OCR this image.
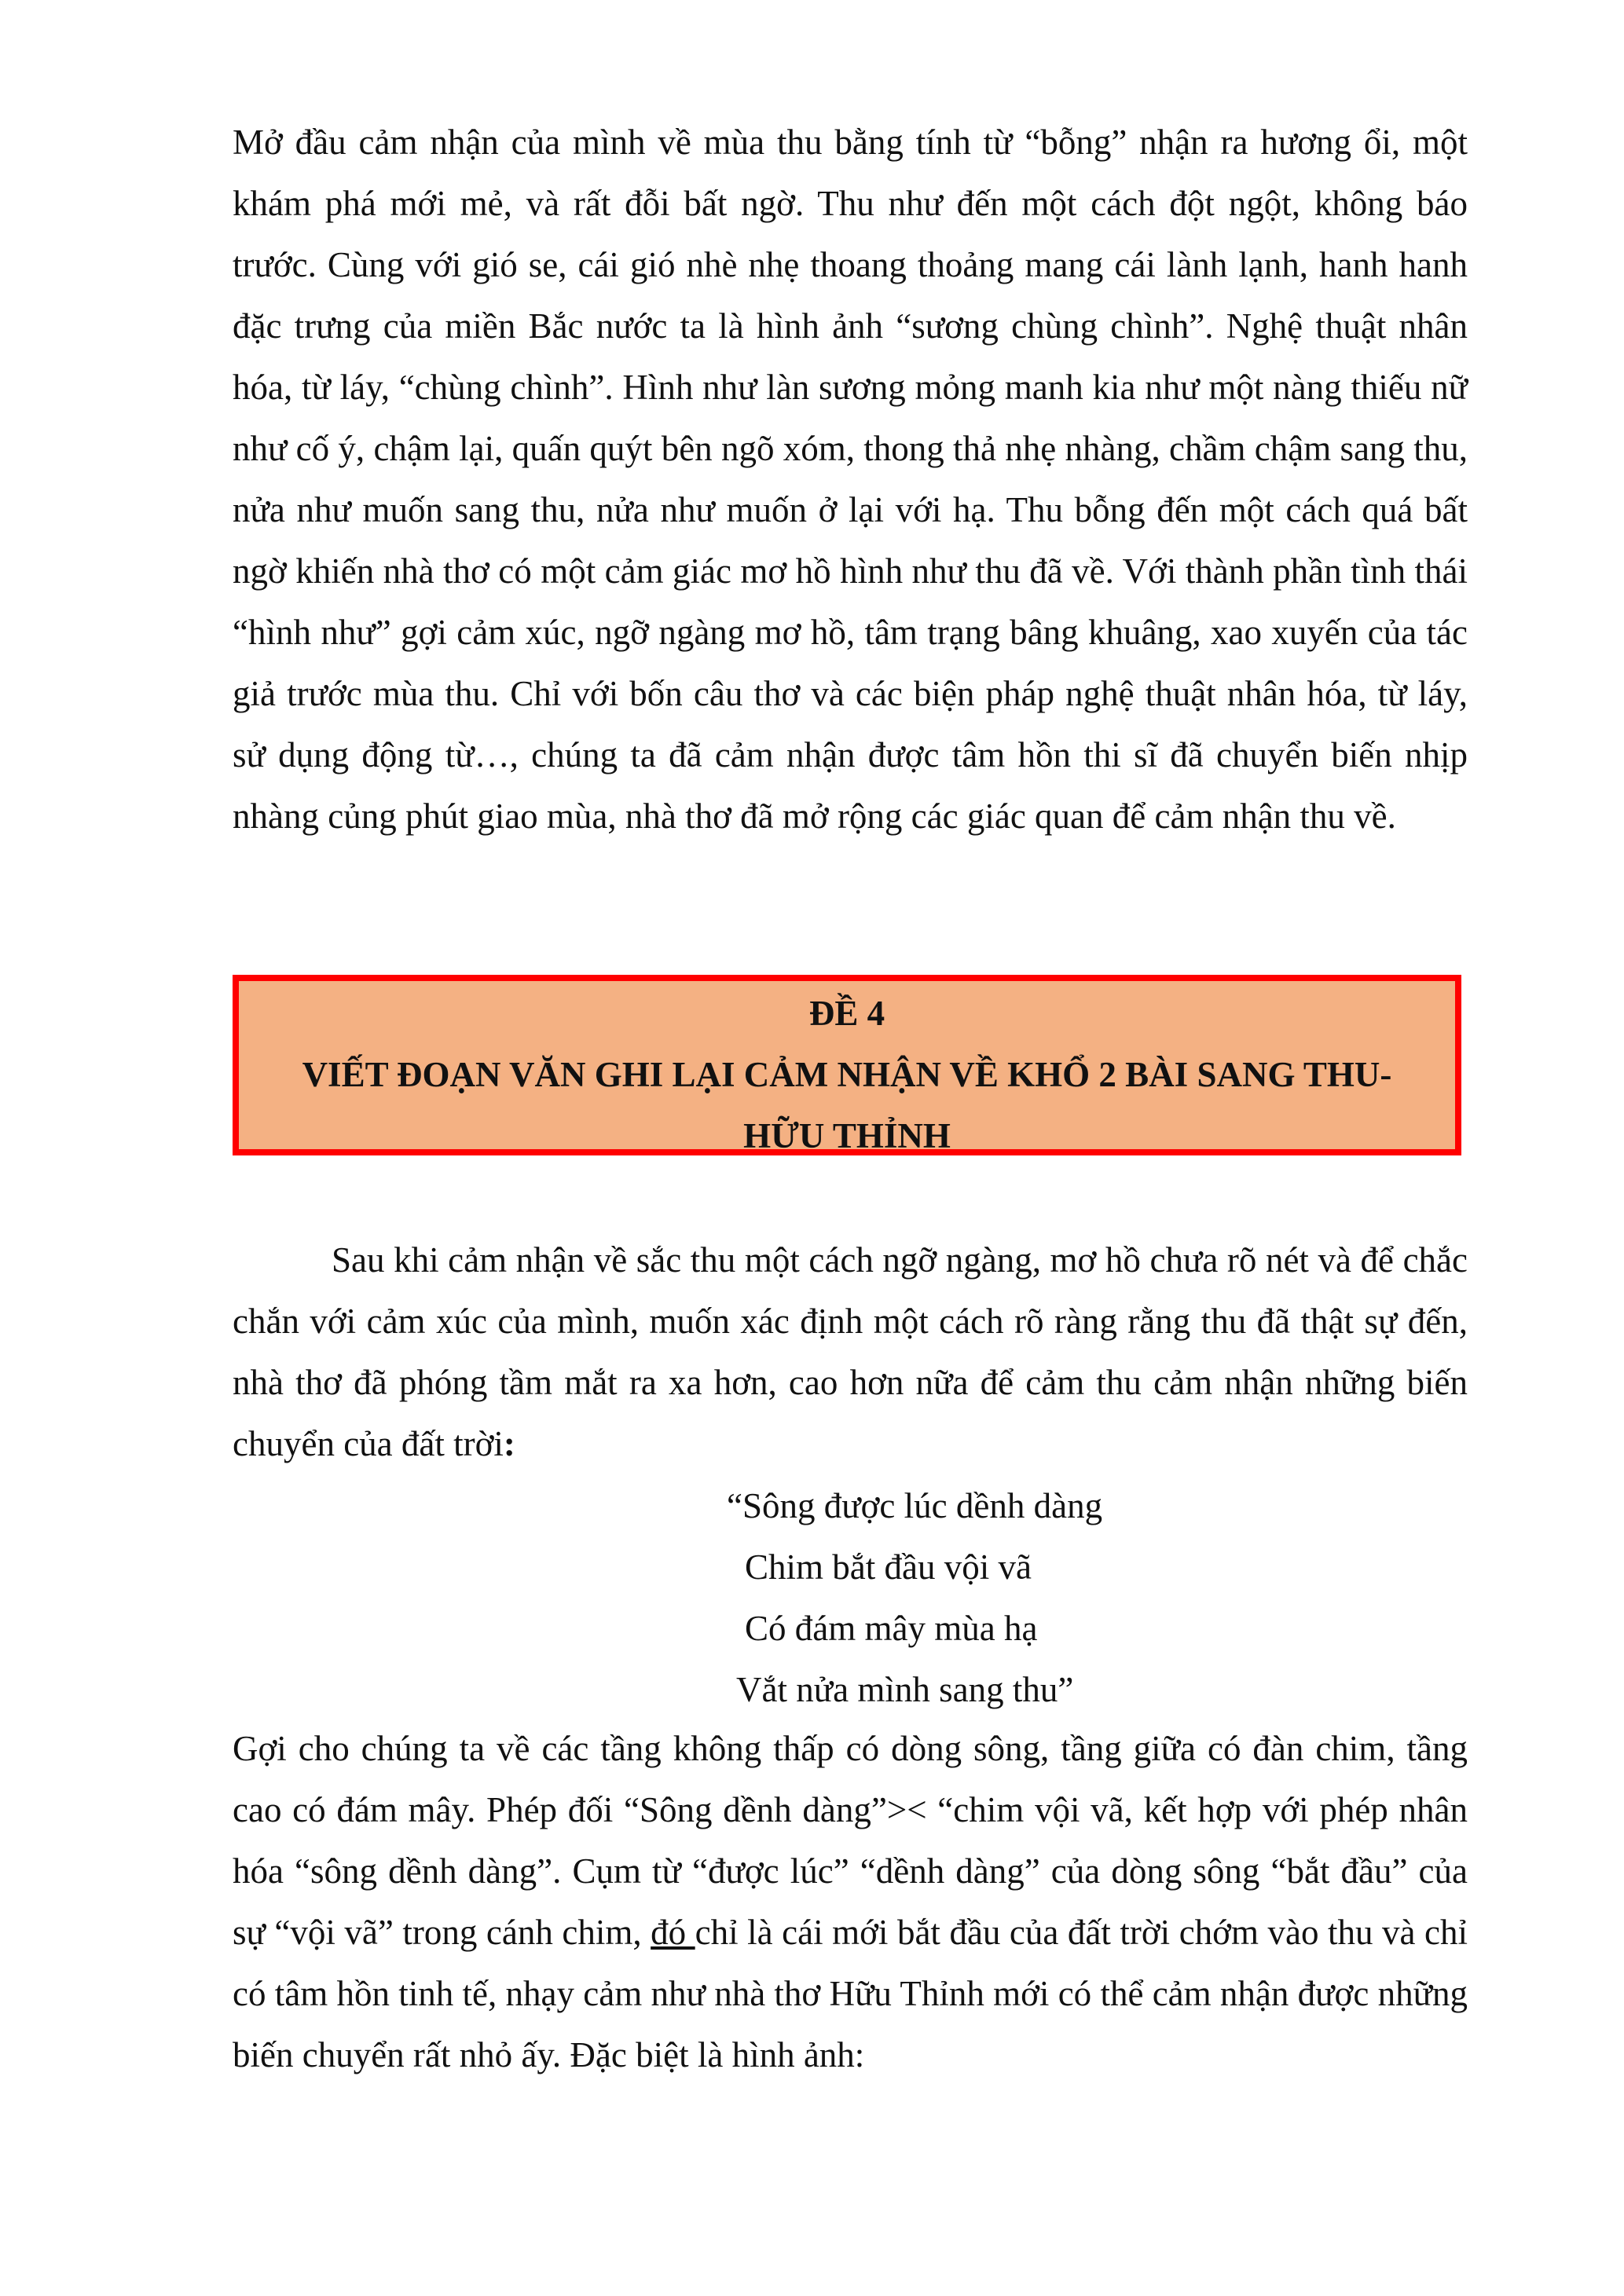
Mở đầu cảm nhận của mình về mùa thu bằng tính từ “bỗng” nhận ra hương ổi, một khám phá mới mẻ, và rất đỗi bất ngờ. Thu như đến một cách đột ngột, không báo trước. Cùng với gió se, cái gió nhè nhẹ thoang thoảng mang cái lành lạnh, hanh hanh đặc trưng của miền Bắc nước ta là hình ảnh “sương chùng chình”. Nghệ thuật nhân hóa, từ láy, “chùng chình”. Hình như làn sương mỏng manh kia như một nàng thiếu nữ như cố ý, chậm lại, quấn quýt bên ngõ xóm, thong thả nhẹ nhàng, chầm chậm sang thu, nửa như muốn sang thu, nửa như muốn ở lại với hạ. Thu bỗng đến một cách quá bất ngờ khiến nhà thơ có một cảm giác mơ hồ hình như thu đã về. Với thành phần tình thái “hình như” gợi cảm xúc, ngỡ ngàng mơ hồ, tâm trạng bâng khuâng, xao xuyến của tác giả trước mùa thu. Chỉ với bốn câu thơ và các biện pháp nghệ thuật nhân hóa, từ láy, sử dụng động từ…, chúng ta đã cảm nhận được tâm hồn thi sĩ đã chuyển biến nhịp nhàng củng phút giao mùa, nhà thơ đã mở rộng các giác quan để cảm nhận thu về.

ĐỀ 4
VIẾT ĐOẠN VĂN GHI LẠI CẢM NHẬN VỀ KHỔ 2 BÀI SANG THU-
HỮU THỈNH

Sau khi cảm nhận về sắc thu một cách ngỡ ngàng, mơ hồ chưa rõ nét và để chắc chắn với cảm xúc của mình, muốn xác định một cách rõ ràng rằng thu đã thật sự đến, nhà thơ đã phóng tầm mắt ra xa hơn, cao hơn nữa để cảm thu cảm nhận những biến chuyển của đất trời:

“Sông được lúc dềnh dàng
Chim bắt đầu vội vã
Có đám mây mùa hạ
Vắt nửa mình sang thu”

Gợi cho chúng ta về các tầng không thấp có dòng sông, tầng giữa có đàn chim, tầng cao có đám mây. Phép đối “Sông dềnh dàng”>< “chim vội vã, kết hợp với phép nhân hóa “sông dềnh dàng”. Cụm từ “được lúc” “dềnh dàng” của dòng sông “bắt đầu” của sự “vội vã” trong cánh chim, đó chỉ là cái mới bắt đầu của đất trời chớm vào thu và chỉ có tâm hồn tinh tế, nhạy cảm như nhà thơ Hữu Thỉnh mới có thể cảm nhận được những biến chuyển rất nhỏ ấy. Đặc biệt là hình ảnh:
